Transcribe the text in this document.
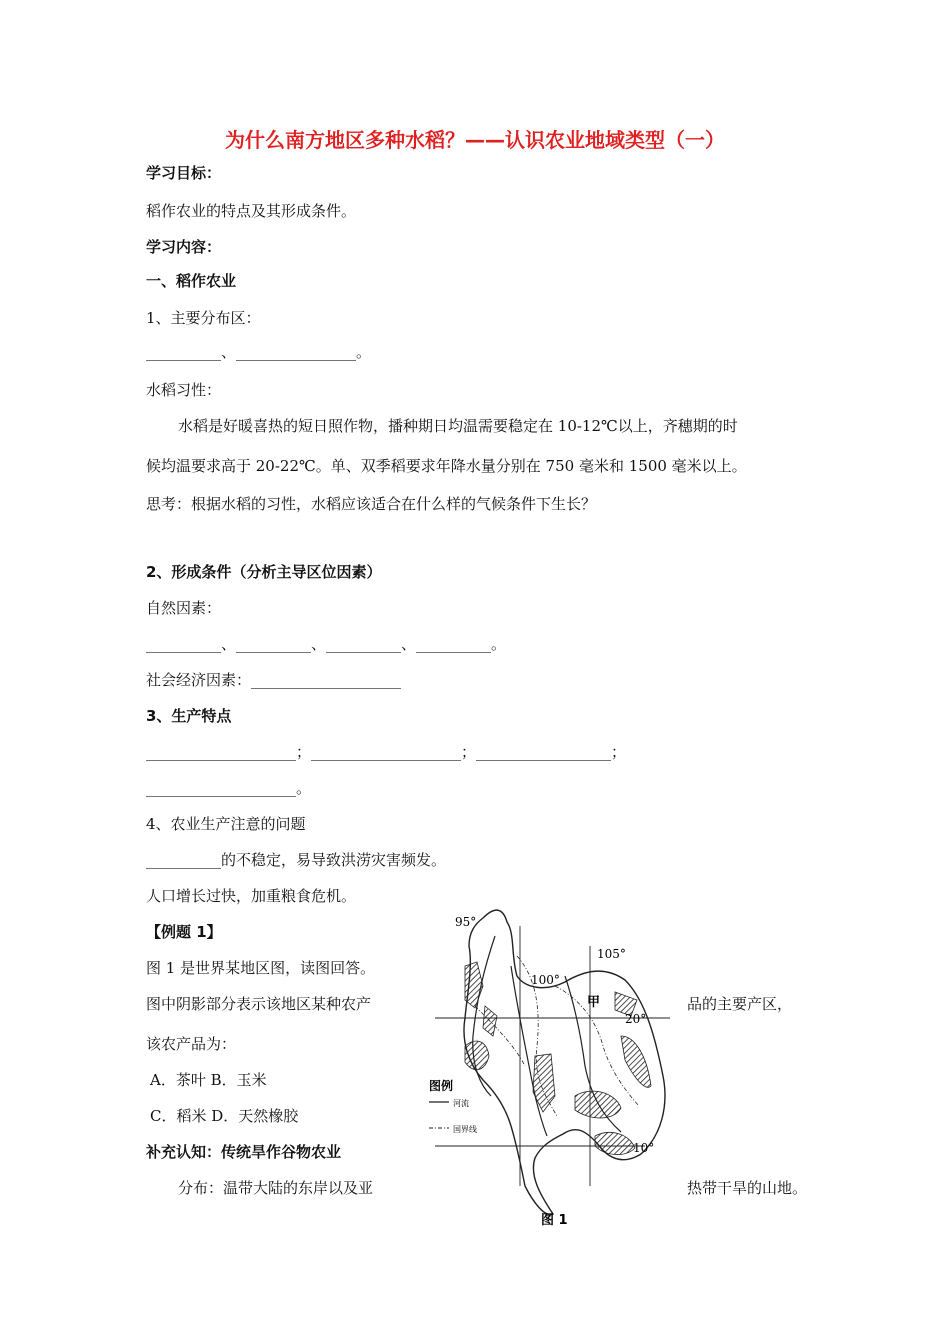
为什么南方地区多种水稻？——认识农业地域类型（一）
学习目标：
稻作农业的特点及其形成条件。
学习内容：
一、稻作农业
1、主要分布区：
__________、________________。
水稻习性：
水稻是好暖喜热的短日照作物，播种期日均温需要稳定在 10-12℃以上，齐穗期的时
候均温要求高于 20-22℃。单、双季稻要求年降水量分别在 750 毫米和 1500 毫米以上。
思考：根据水稻的习性，水稻应该适合在什么样的气候条件下生长？
2、形成条件（分析主导区位因素）
自然因素：
__________、__________、__________、__________。
社会经济因素：____________________
3、生产特点
____________________；____________________；__________________；
____________________。
4、农业生产注意的问题
__________的不稳定，易导致洪涝灾害频发。
人口增长过快，加重粮食危机。
【例题 1】
图 1 是世界某地区图，读图回答。
图中阴影部分表示该地区某种农产	品的主要产区，
该农产品为：
A．茶叶 B．玉米
C．稻米 D．天然橡胶
补充认知：传统旱作谷物农业
分布：温带大陆的东岸以及亚	热带干旱的山地。
95°
100°
105°
20°
10°
甲
图例
河流
国界线
图 1
